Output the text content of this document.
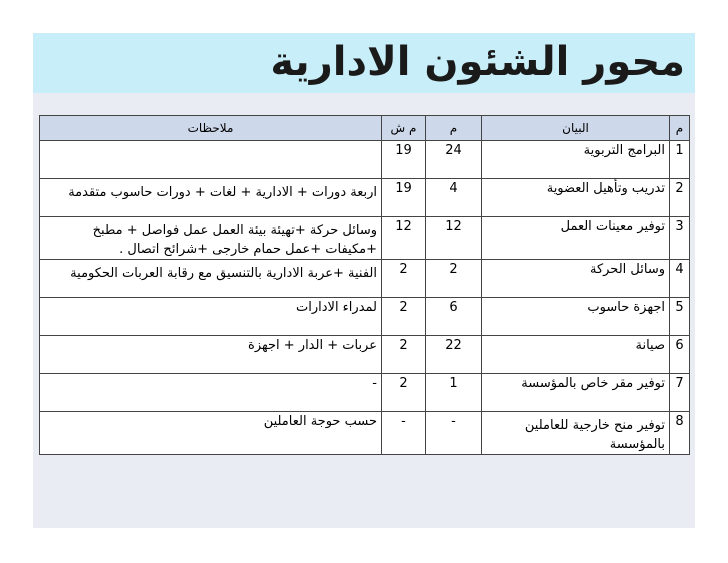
محور الشئون الادارية
م	البيان	م	م ش	ملاحظات
1	البرامج التربوية	24	19	
2	تدريب وتأهيل العضوية	4	19	اربعة دورات + الادارية + لغات + دورات حاسوب متقدمة
3	توفير معينات العمل	12	12	وسائل حركة +تهيئة بيئة العمل عمل فواصل + مطبخ +مكيفات +عمل حمام خارجى +شرائح اتصال .
4	وسائل الحركة	2	2	الفنية +عربة الادارية بالتنسيق مع رقابة العربات الحكومية
5	اجهزة حاسوب	6	2	لمدراء الادارات
6	صيانة	22	2	عربات + الدار + اجهزة
7	توفير مقر خاص بالمؤسسة	1	2	-
8	توفير منح خارجية للعاملين بالمؤسسة	-	-	حسب حوجة العاملين
